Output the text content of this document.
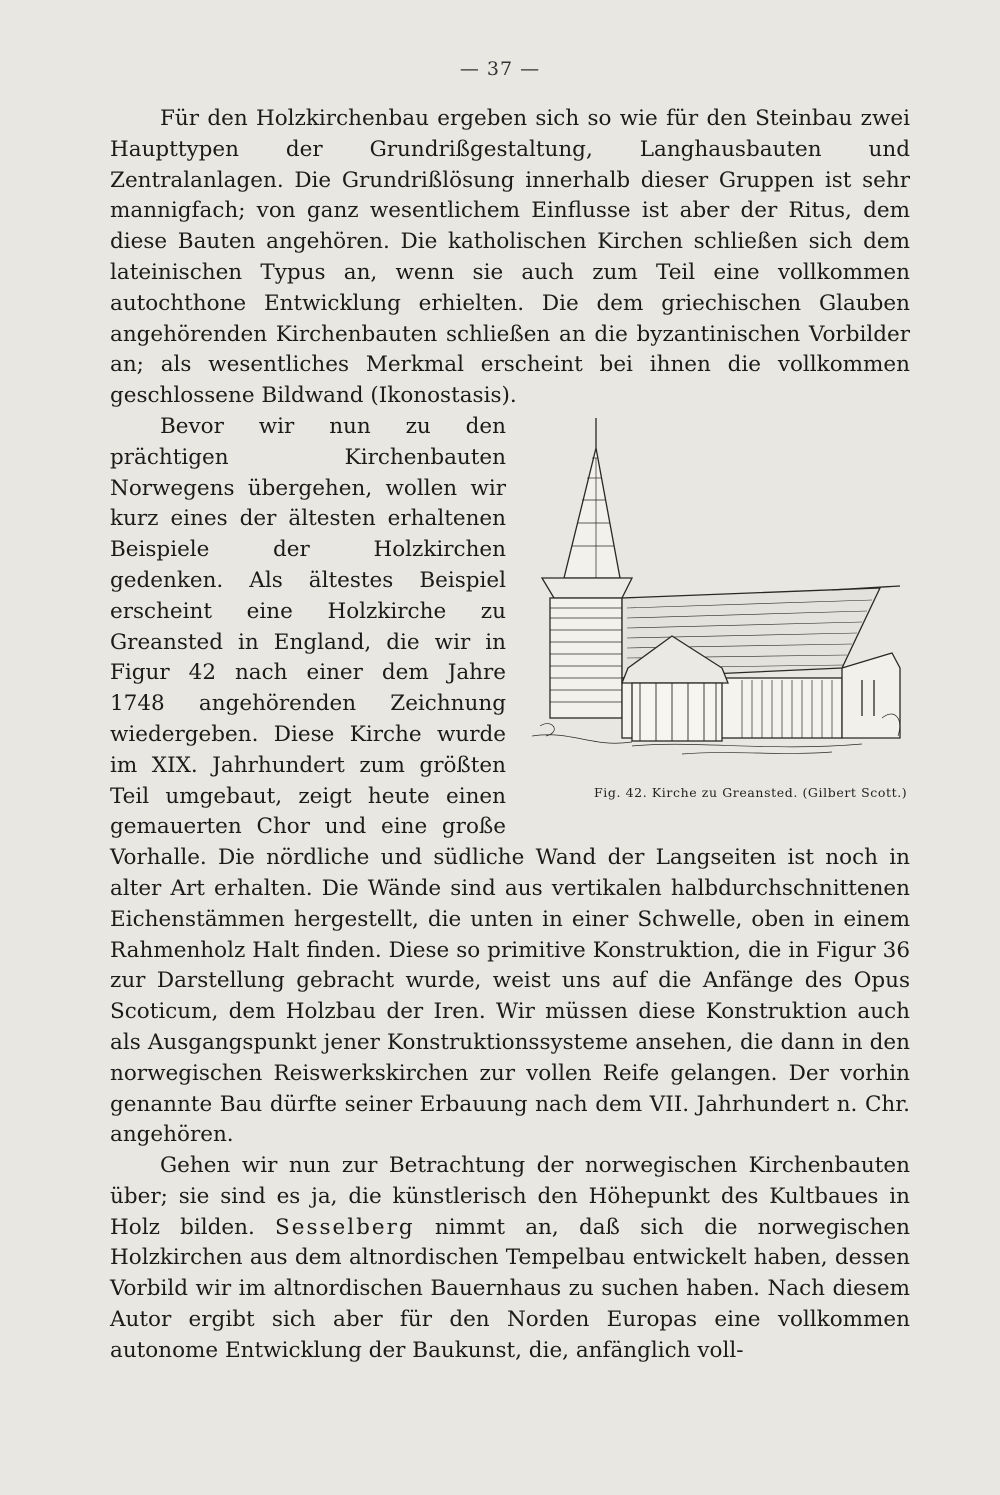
— 37 —

Für den Holzkirchenbau ergeben sich so wie für den Steinbau zwei Haupttypen der Grundrißgestaltung, Langhausbauten und Zentralanlagen. Die Grundrißlösung innerhalb dieser Gruppen ist sehr mannigfach; von ganz wesentlichem Einflusse ist aber der Ritus, dem diese Bauten angehören. Die katholischen Kirchen schließen sich dem lateinischen Typus an, wenn sie auch zum Teil eine vollkommen autochthone Entwicklung erhielten. Die dem griechischen Glauben angehörenden Kirchenbauten schließen an die byzantinischen Vorbilder an; als wesentliches Merkmal erscheint bei ihnen die vollkommen geschlossene Bildwand (Ikonostasis).

Fig. 42. Kirche zu Greansted. (Gilbert Scott.)
Bevor wir nun zu den prächtigen Kirchenbauten Norwegens übergehen, wollen wir kurz eines der ältesten erhaltenen Beispiele der Holzkirchen gedenken. Als ältestes Beispiel erscheint eine Holzkirche zu Greansted in England, die wir in Figur 42 nach einer dem Jahre 1748 angehörenden Zeichnung wiedergeben. Diese Kirche wurde im XIX. Jahrhundert zum größten Teil umgebaut, zeigt heute einen gemauerten Chor und eine große Vorhalle. Die nördliche und südliche Wand der Langseiten ist noch in alter Art erhalten. Die Wände sind aus vertikalen halbdurchschnittenen Eichenstämmen hergestellt, die unten in einer Schwelle, oben in einem Rahmenholz Halt finden. Diese so primitive Konstruktion, die in Figur 36 zur Darstellung gebracht wurde, weist uns auf die Anfänge des Opus Scoticum, dem Holzbau der Iren. Wir müssen diese Konstruktion auch als Ausgangspunkt jener Konstruktionssysteme ansehen, die dann in den norwegischen Reiswerkskirchen zur vollen Reife gelangen. Der vorhin genannte Bau dürfte seiner Erbauung nach dem VII. Jahrhundert n. Chr. angehören.

Gehen wir nun zur Betrachtung der norwegischen Kirchenbauten über; sie sind es ja, die künstlerisch den Höhepunkt des Kultbaues in Holz bilden. Sesselberg nimmt an, daß sich die norwegischen Holzkirchen aus dem altnordischen Tempelbau entwickelt haben, dessen Vorbild wir im altnordischen Bauernhaus zu suchen haben. Nach diesem Autor ergibt sich aber für den Norden Europas eine vollkommen autonome Entwicklung der Baukunst, die, anfänglich voll-
